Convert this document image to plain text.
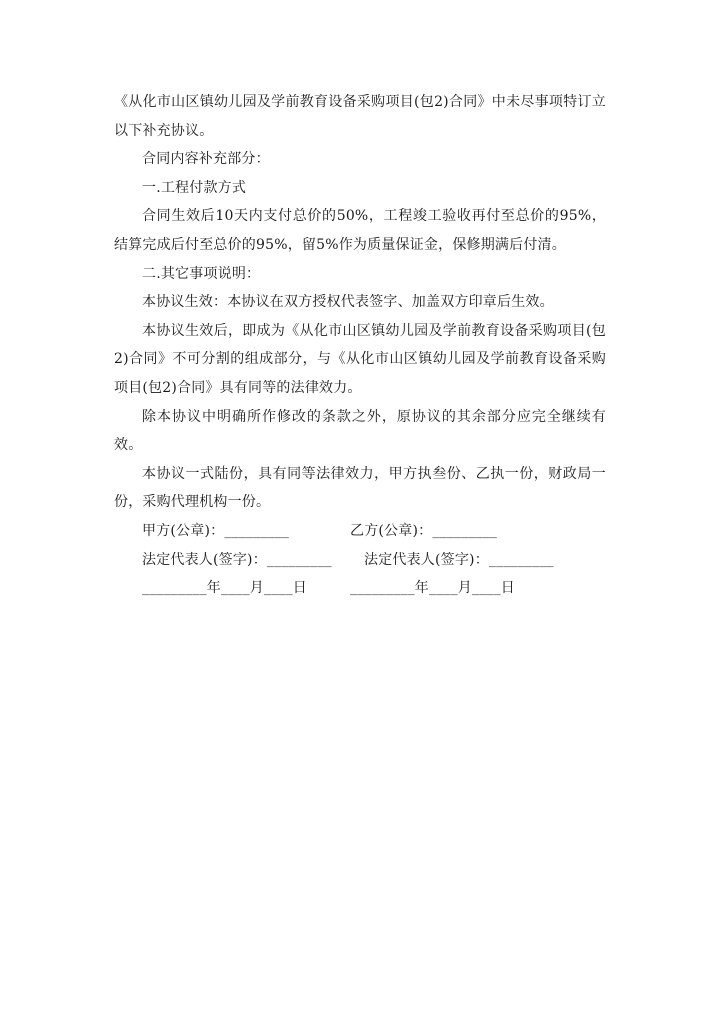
《从化市山区镇幼儿园及学前教育设备采购项目(包2)合同》中未尽事项特订立以下补充协议。

合同内容补充部分：

一.工程付款方式

合同生效后10天内支付总价的50%，工程竣工验收再付至总价的95%，结算完成后付至总价的95%，留5%作为质量保证金，保修期满后付清。

二.其它事项说明：

本协议生效：本协议在双方授权代表签字、加盖双方印章后生效。

本协议生效后，即成为《从化市山区镇幼儿园及学前教育设备采购项目(包2)合同》不可分割的组成部分，与《从化市山区镇幼儿园及学前教育设备采购项目(包2)合同》具有同等的法律效力。

除本协议中明确所作修改的条款之外，原协议的其余部分应完全继续有效。

本协议一式陆份，具有同等法律效力，甲方执叁份、乙执一份，财政局一份，采购代理机构一份。

甲方(公章)：_________	乙方(公章)：_________
法定代表人(签字)：_________ 法定代表人(签字)：_________
_________年____月____日	_________年____月____日
